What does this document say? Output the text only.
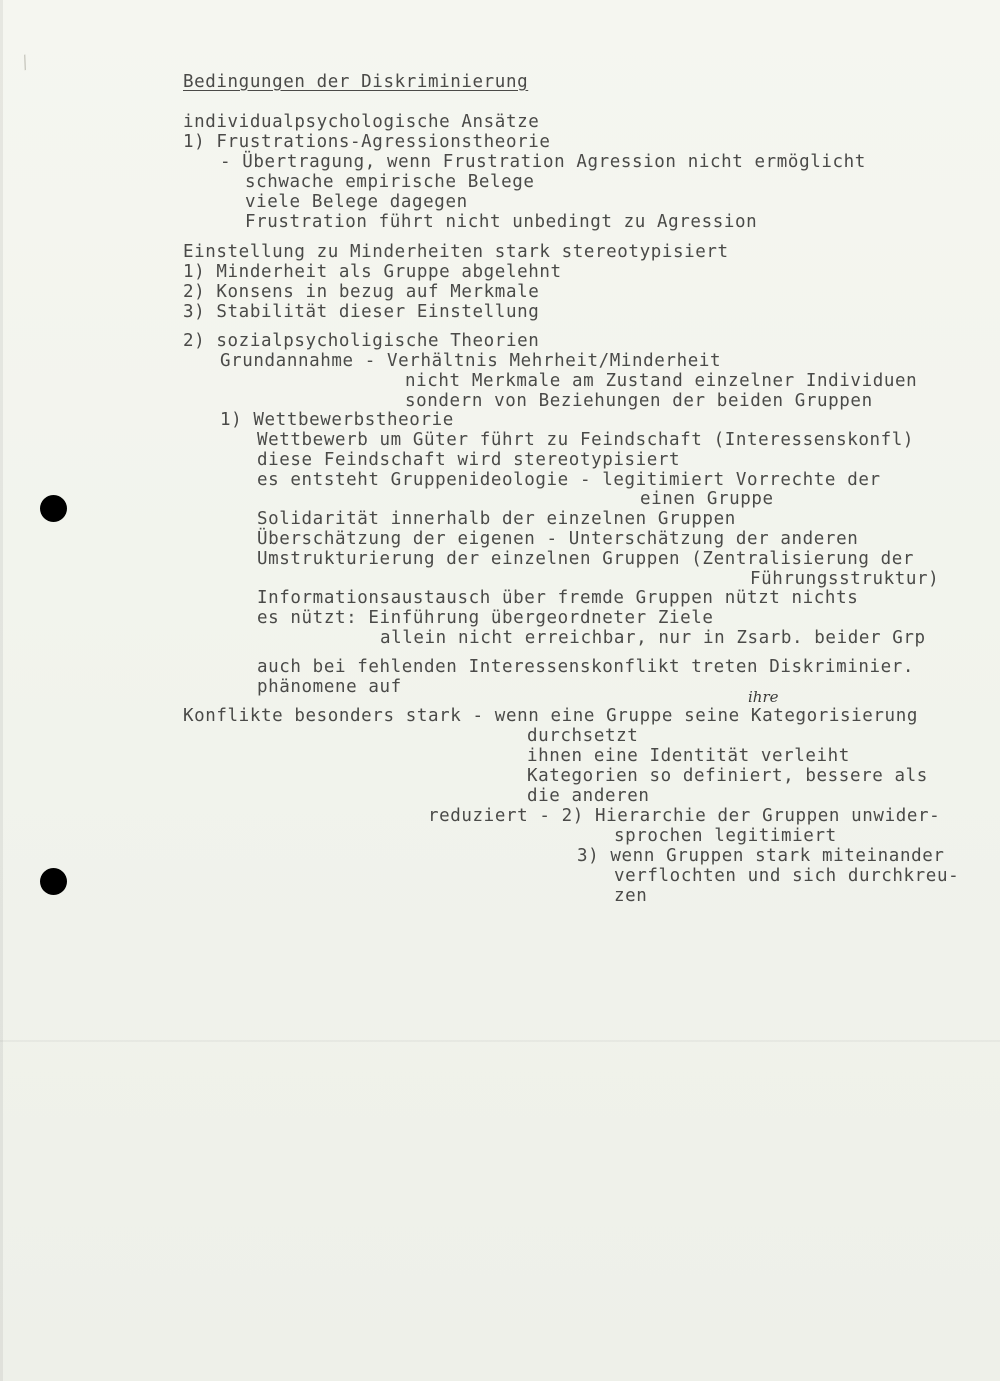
/
Bedingungen der Diskriminierung
individualpsychologische Ansätze
1) Frustrations-Agressionstheorie
- Übertragung, wenn Frustration Agression nicht ermöglicht
schwache empirische Belege
viele Belege dagegen
Frustration führt nicht unbedingt zu Agression
Einstellung zu Minderheiten stark stereotypisiert
1) Minderheit als Gruppe abgelehnt
2) Konsens in bezug auf Merkmale
3) Stabilität dieser Einstellung
2) sozialpsycholigische Theorien
Grundannahme - Verhältnis Mehrheit/Minderheit
nicht Merkmale am Zustand einzelner Individuen
sondern von Beziehungen der beiden Gruppen
1) Wettbewerbstheorie
Wettbewerb um Güter führt zu Feindschaft (Interessenskonfl)
diese Feindschaft wird stereotypisiert
es entsteht Gruppenideologie - legitimiert Vorrechte der
einen Gruppe
Solidarität innerhalb der einzelnen Gruppen
Überschätzung der eigenen - Unterschätzung der anderen
Umstrukturierung der einzelnen Gruppen (Zentralisierung der
Führungsstruktur)
Informationsaustausch über fremde Gruppen nützt nichts
es nützt: Einführung übergeordneter Ziele
allein nicht erreichbar, nur in Zsarb. beider Grp
auch bei fehlenden Interessenskonflikt treten Diskriminier.
phänomene auf	ihre
Konflikte besonders stark - wenn eine Gruppe seine Kategorisierung
durchsetzt
ihnen eine Identität verleiht
Kategorien so definiert, bessere als
die anderen
reduziert - 2) Hierarchie der Gruppen unwider-
sprochen legitimiert
3) wenn Gruppen stark miteinander
verflochten und sich durchkreu-
zen
